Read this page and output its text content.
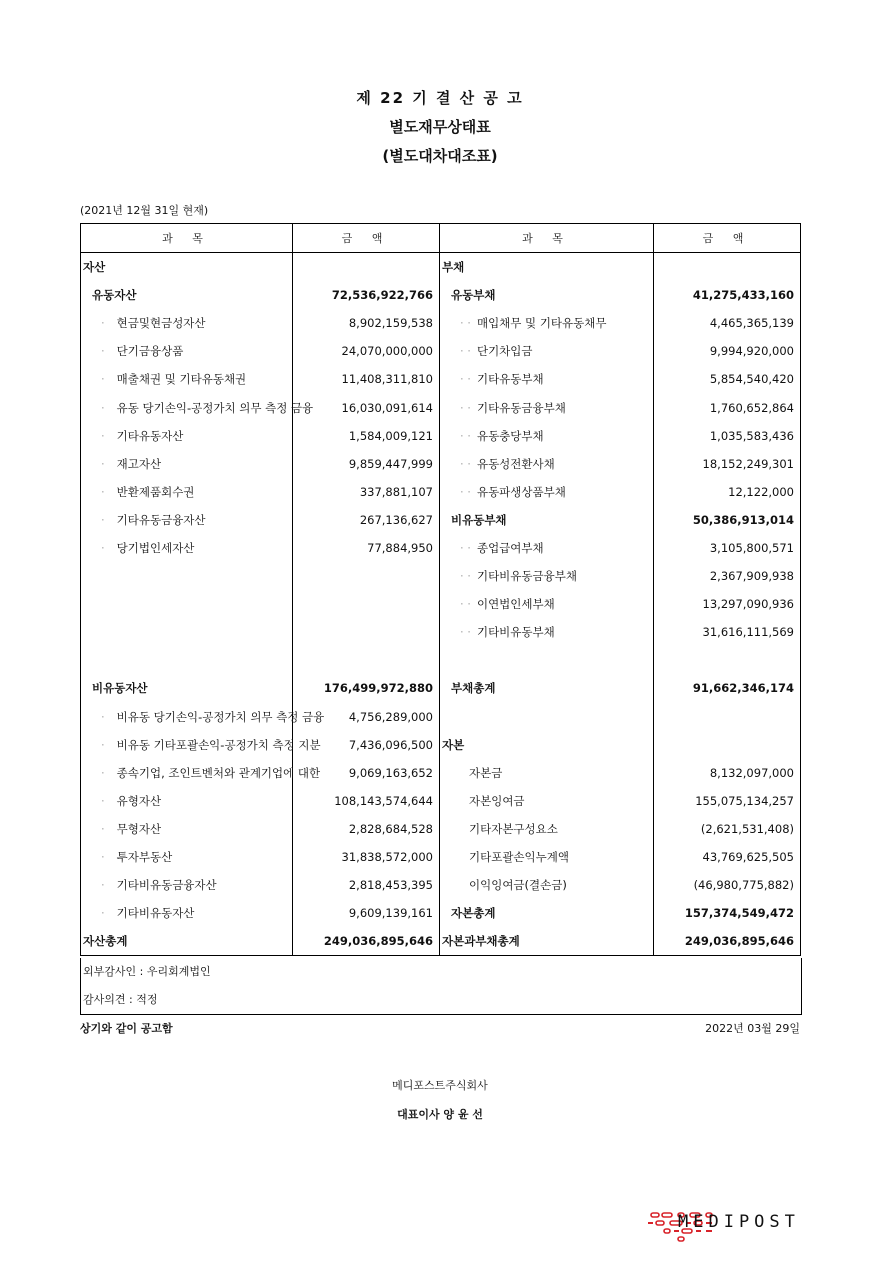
제 22 기 결 산 공 고
별도재무상태표
(별도대차대조표)
(2021년 12월 31일 현재)
과 목	금 액	과 목	금 액
자산		부채	
유동자산	72,536,922,766	유동부채	41,275,433,160
· 현금및현금성자산	8,902,159,538	· · 매입채무 및 기타유동채무	4,465,365,139
· 단기금융상품	24,070,000,000	· · 단기차입금	9,994,920,000
· 매출채권 및 기타유동채권	11,408,311,810	· · 기타유동부채	5,854,540,420
· 유동 당기손익-공정가치 의무 측정 금융	16,030,091,614	· · 기타유동금융부채	1,760,652,864
· 기타유동자산	1,584,009,121	· · 유동충당부채	1,035,583,436
· 재고자산	9,859,447,999	· · 유동성전환사채	18,152,249,301
· 반환제품회수권	337,881,107	· · 유동파생상품부채	12,122,000
· 기타유동금융자산	267,136,627	비유동부채	50,386,913,014
· 당기법인세자산	77,884,950	· · 종업급여부채	3,105,800,571
		· · 기타비유동금융부채	2,367,909,938
		· · 이연법인세부채	13,297,090,936
		· · 기타비유동부채	31,616,111,569

비유동자산	176,499,972,880	부채총계	91,662,346,174
· 비유동 당기손익-공정가치 의무 측정 금융	4,756,289,000		
· 비유동 기타포괄손익-공정가치 측정 지분	7,436,096,500	자본	
· 종속기업, 조인트벤처와 관계기업에 대한	9,069,163,652	자본금	8,132,097,000
· 유형자산	108,143,574,644	자본잉여금	155,075,134,257
· 무형자산	2,828,684,528	기타자본구성요소	(2,621,531,408)
· 투자부동산	31,838,572,000	기타포괄손익누계액	43,769,625,505
· 기타비유동금융자산	2,818,453,395	이익잉여금(결손금)	(46,980,775,882)
· 기타비유동자산	9,609,139,161	자본총계	157,374,549,472
자산총계	249,036,895,646	자본과부채총계	249,036,895,646
외부감사인 : 우리회계법인
감사의견 : 적정
상기와 같이 공고함	2022년 03월 29일
메디포스트주식회사
대표이사 양 윤 선
MEDIPOST
